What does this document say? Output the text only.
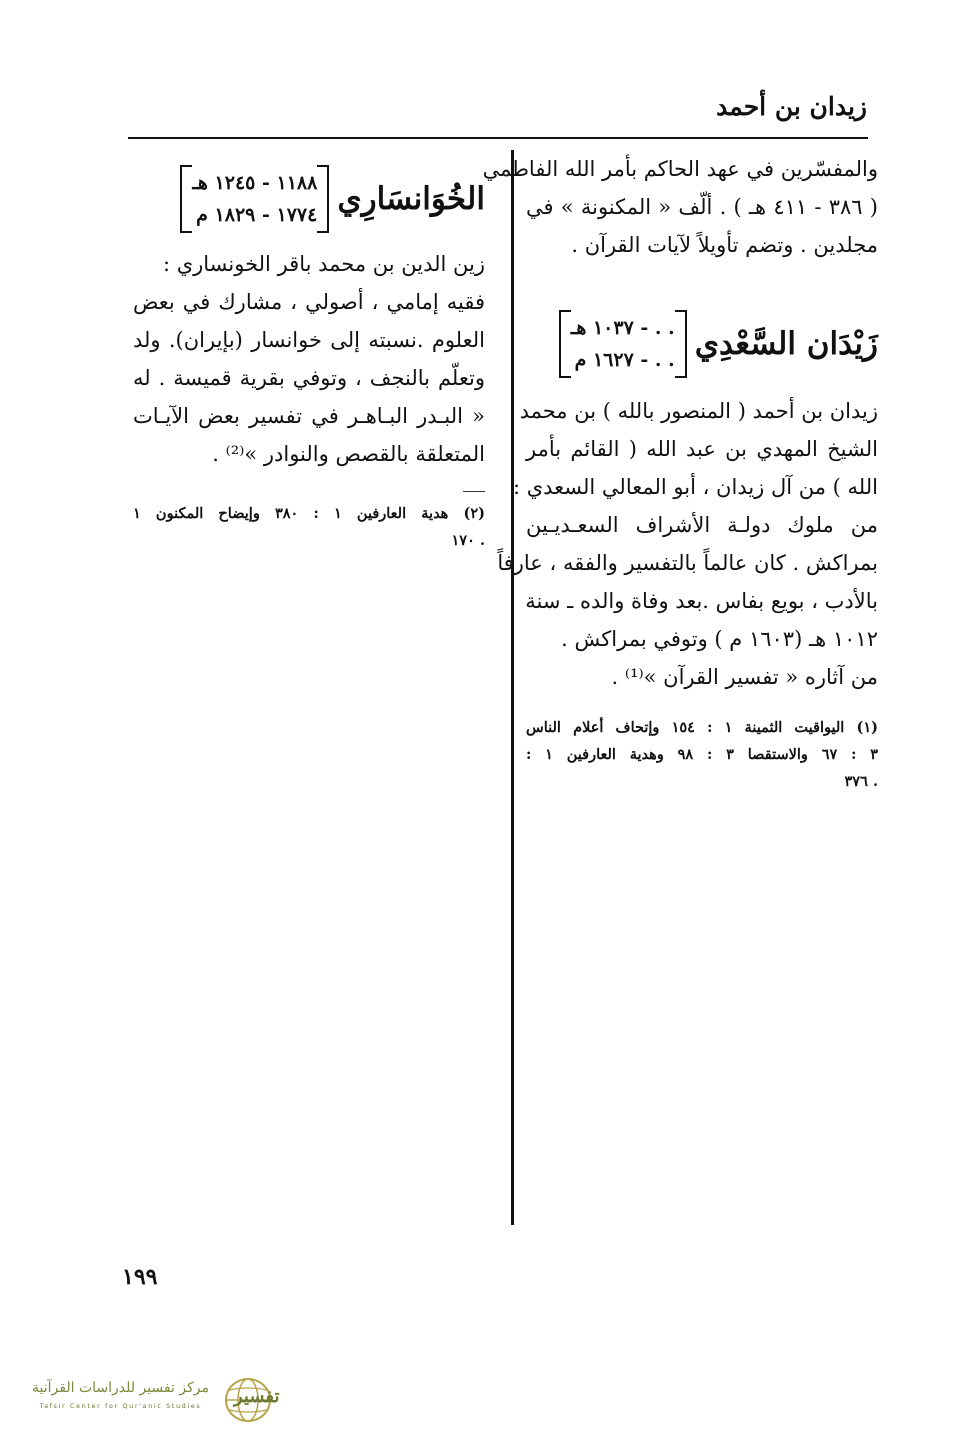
زيدان بن أحمد

والمفسّرين في عهد الحاكم بأمر الله الفاطمي
( ٣٨٦ - ٤١١ هـ ) . ألّف « المكنونة » في
مجلدين . وتضم تأويلاً لآيات القرآن .

زَيْدَان السَّعْدِي
. . - ١٠٣٧ هـ
. . - ١٦٢٧ م

زيدان بن أحمد ( المنصور بالله ) بن محمد
الشيخ المهدي بن عبد الله ( القائم بأمر
الله ) من آل زيدان ، أبو المعالي السعدي :
من ملوك دولـة الأشراف السعـديـين
بمراكش . كان عالماً بالتفسير والفقه ، عارفاً
بالأدب ، بويع بفاس .بعد وفاة والده ـ سنة
١٠١٢ هـ (١٦٠٣ م ) وتوفي بمراكش .
من آثاره « تفسير القرآن »⁽¹⁾ .

(١) اليواقيت الثمينة ١ : ١٥٤ وإتحاف أعلام الناس
٣ : ٦٧ والاستقصا ٣ : ٩٨ وهدية العارفين ١ :
. ٣٧٦

الخُوَانسَارِي
١١٨٨ - ١٢٤٥ هـ
١٧٧٤ - ١٨٢٩ م

زين الدين بن محمد باقر الخونساري :
فقيه إمامي ، أصولي ، مشارك في بعض
العلوم .نسبته إلى خوانسار (بإيران). ولد
وتعلّم بالنجف ، وتوفي بقرية قميسة . له
« البـدر البـاهـر في تفسير بعض الآيـات
المتعلقة بالقصص والنوادر »⁽²⁾ .

(٢) هدية العارفين ١ : ٣٨٠ وإيضاح المكنون ١
. ١٧٠

١٩٩
مركز تفسير للدراسات القرآنية
Tafsir Center for Qur'anic Studies	تفسير
